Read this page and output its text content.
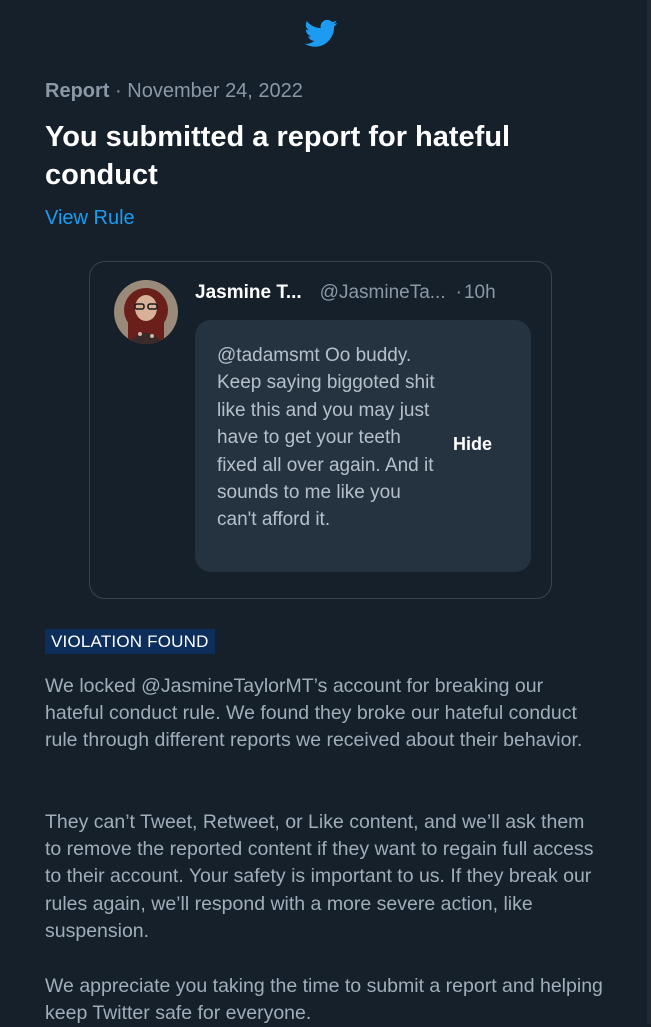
Report · November 24, 2022
You submitted a report for hateful conduct
View Rule
Jasmine T... @JasmineTa... · 10h
@tadamsmt Oo buddy. Keep saying biggoted shit like this and you may just have to get your teeth fixed all over again. And it sounds to me like you can't afford it.
Hide
VIOLATION FOUND

We locked @JasmineTaylorMT’s account for breaking our hateful conduct rule. We found they broke our hateful conduct rule through different reports we received about their behavior.

They can’t Tweet, Retweet, or Like content, and we’ll ask them to remove the reported content if they want to regain full access to their account. Your safety is important to us. If they break our rules again, we’ll respond with a more severe action, like suspension.

We appreciate you taking the time to submit a report and helping keep Twitter safe for everyone.
